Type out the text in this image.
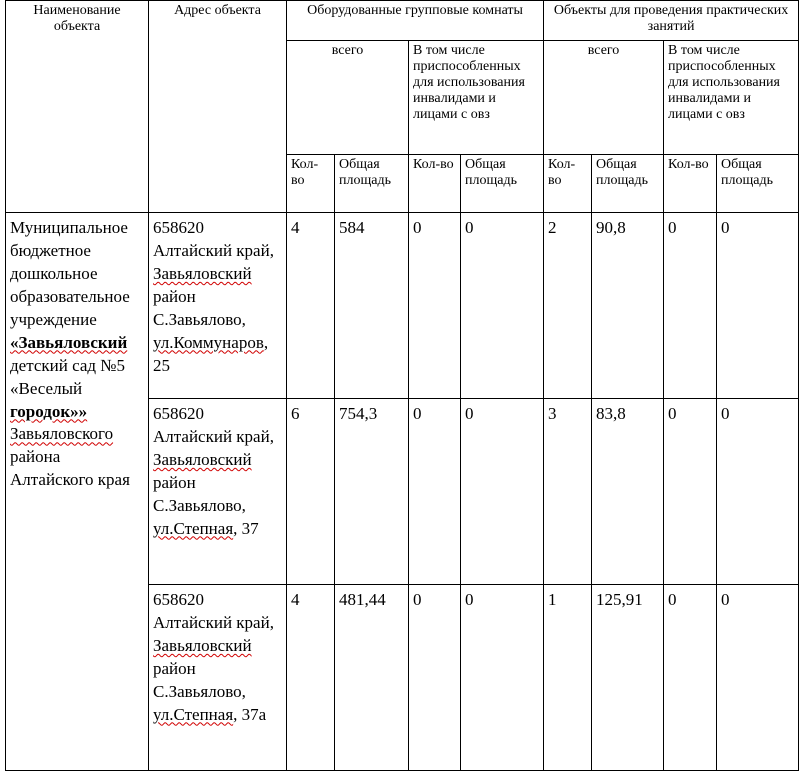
Наименование объекта	Адрес объекта	Оборудованные групповые комнаты				Объекты для проведения практических занятий			
		всего		В том числе приспособленных для использования инвалидами и лицами с овз		всего		В том числе приспособленных для использования инвалидами и лицами с овз	
		Кол-во	Общая площадь	Кол-во	Общая площадь	Кол-во	Общая площадь	Кол-во	Общая площадь
Муниципальное бюджетное дошкольное образовательное учреждение «Завьяловский детский сад №5 «Веселый городок»» Завьяловского района Алтайского края	658620 Алтайский край, Завьяловский район С.Завьялово, ул.Коммунаров, 25	4	584	0	0	2	90,8	0	0
	658620 Алтайский край, Завьяловский район С.Завьялово, ул.Степная, 37	6	754,3	0	0	3	83,8	0	0
	658620 Алтайский край, Завьяловский район С.Завьялово, ул.Степная, 37а	4	481,44	0	0	1	125,91	0	0
